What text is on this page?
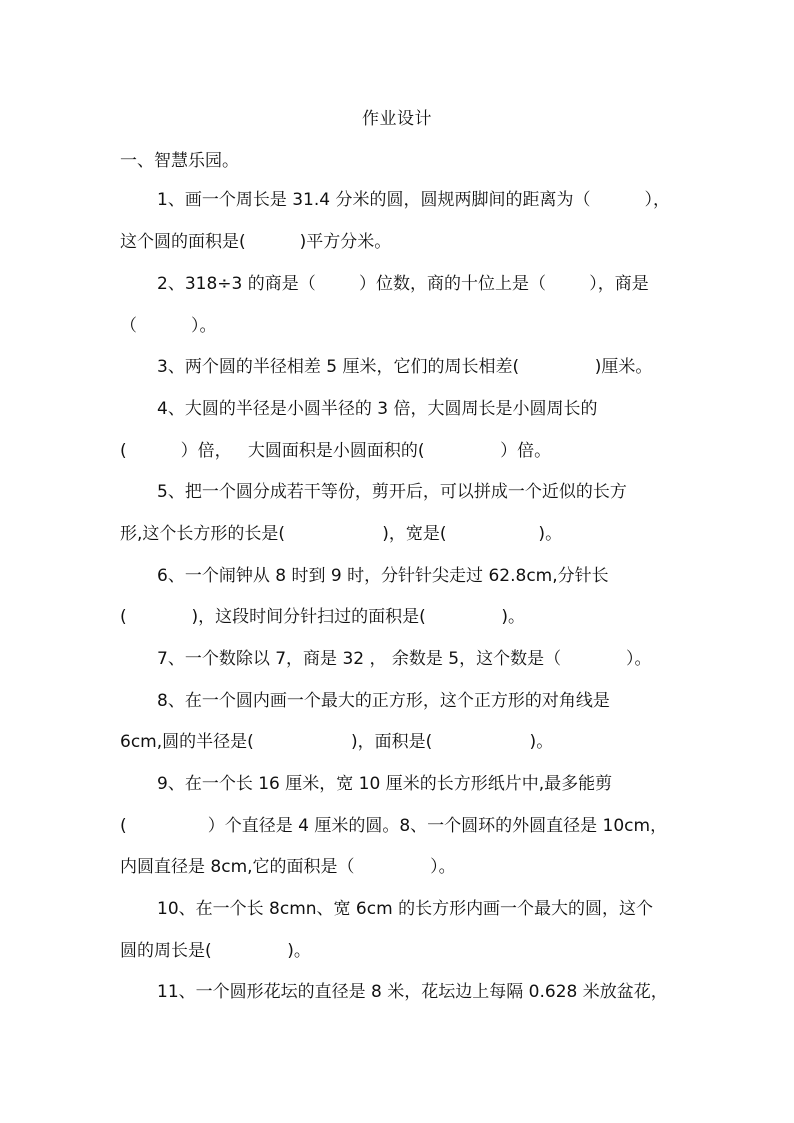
作业设计
一、智慧乐园。
1、画一个周长是 31.4 分米的圆，圆规两脚间的距离为（          ），
这个圆的面积是(          )平方分米。
2、318÷3 的商是（        ）位数，商的十位上是（        ），商是
（          ）。
3、两个圆的半径相差 5 厘米，它们的周长相差(              )厘米。
4、大圆的半径是小圆半径的 3 倍，大圆周长是小圆周长的
(          ）倍，   大圆面积是小圆面积的(              ）倍。
5、把一个圆分成若干等份，剪开后，可以拼成一个近似的长方
形,这个长方形的长是(                  )，宽是(                 )。
6、一个闹钟从 8 时到 9 时，分针针尖走过 62.8cm,分针长
(            )，这段时间分针扫过的面积是(              )。
7、一个数除以 7，商是 32 ， 余数是 5，这个数是（            ）。
8、在一个圆内画一个最大的正方形，这个正方形的对角线是
6cm,圆的半径是(                  )，面积是(                  )。
9、在一个长 16 厘米，宽 10 厘米的长方形纸片中,最多能剪
(               ）个直径是 4 厘米的圆。8、一个圆环的外圆直径是 10cm，
内圆直径是 8cm,它的面积是（              ）。
10、在一个长 8cmn、宽 6cm 的长方形内画一个最大的圆，这个
圆的周长是(              )。
11、一个圆形花坛的直径是 8 米，花坛边上每隔 0.628 米放盆花，
